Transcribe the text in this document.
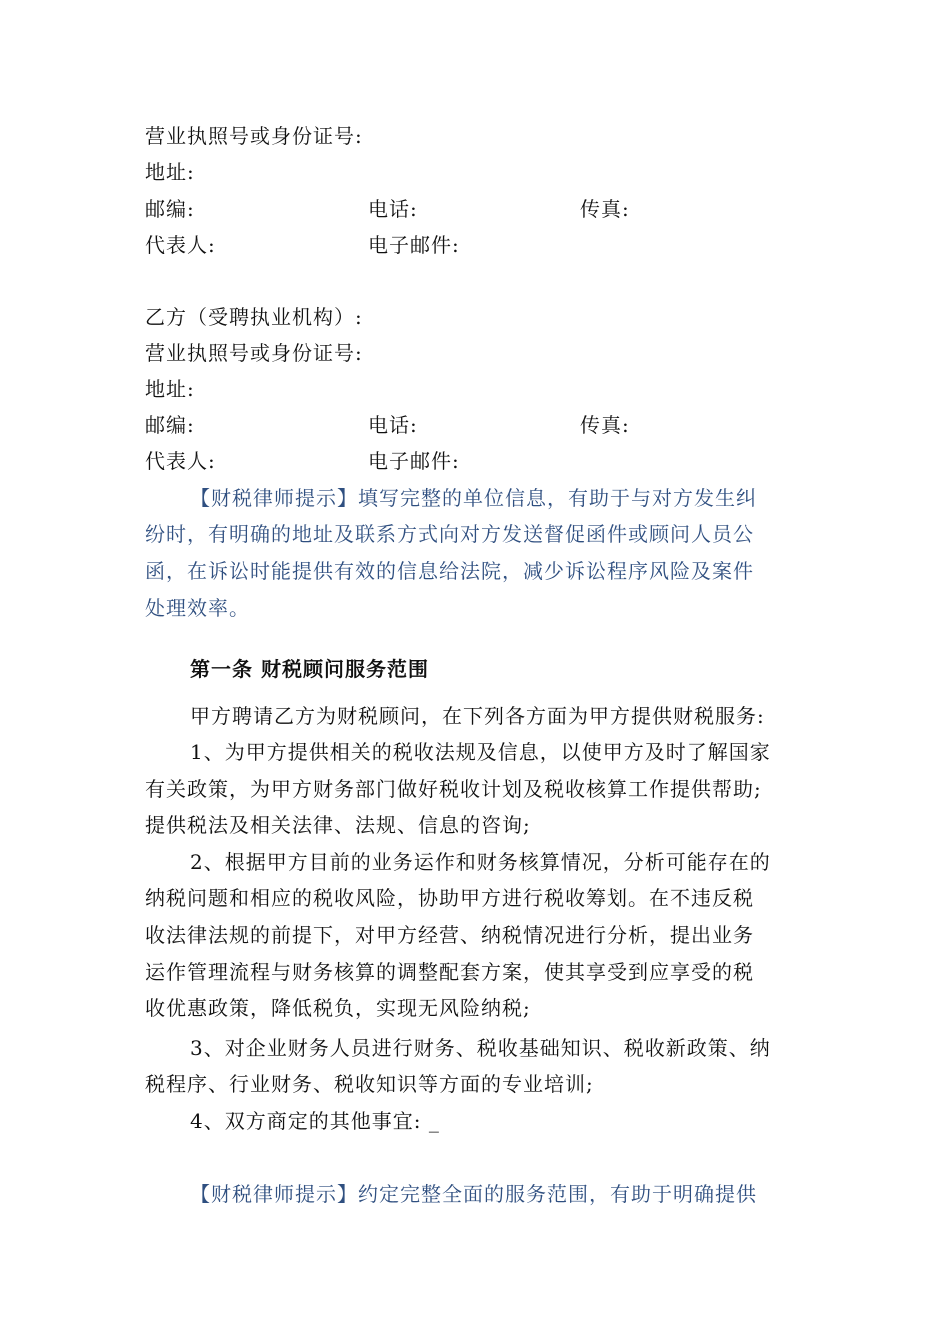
营业执照号或身份证号:
地址:
邮编:	电话:	传真:
代表人:	电子邮件:
乙方（受聘执业机构）:
营业执照号或身份证号:
地址:
邮编:	电话:	传真:
代表人:	电子邮件:
【财税律师提示】填写完整的单位信息，有助于与对方发生纠
纷时，有明确的地址及联系方式向对方发送督促函件或顾问人员公
函，在诉讼时能提供有效的信息给法院，减少诉讼程序风险及案件
处理效率。
第一条 财税顾问服务范围
甲方聘请乙方为财税顾问，在下列各方面为甲方提供财税服务:
1、为甲方提供相关的税收法规及信息，以使甲方及时了解国家
有关政策，为甲方财务部门做好税收计划及税收核算工作提供帮助;
提供税法及相关法律、法规、信息的咨询;
2、根据甲方目前的业务运作和财务核算情况，分析可能存在的
纳税问题和相应的税收风险，协助甲方进行税收筹划。在不违反税
收法律法规的前提下，对甲方经营、纳税情况进行分析，提出业务
运作管理流程与财务核算的调整配套方案，使其享受到应享受的税
收优惠政策，降低税负，实现无风险纳税;
3、对企业财务人员进行财务、税收基础知识、税收新政策、纳
税程序、行业财务、税收知识等方面的专业培训;
4、双方商定的其他事宜: _
【财税律师提示】约定完整全面的服务范围，有助于明确提供
